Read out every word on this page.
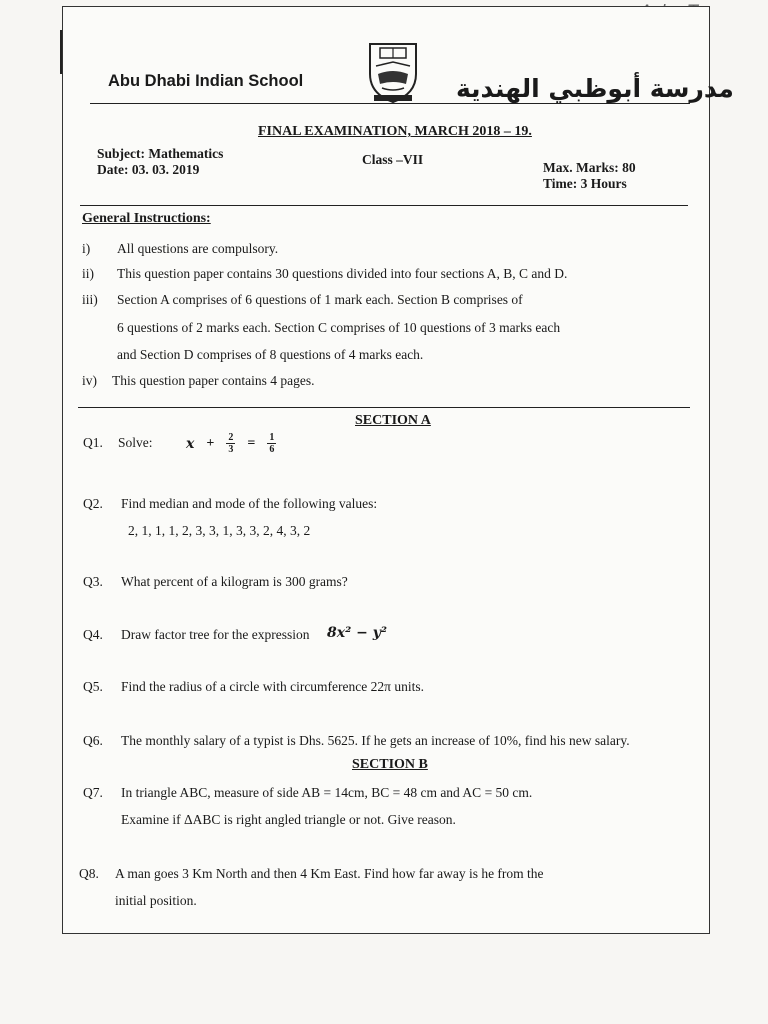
Abu Dhabi Indian School	مدرسة أبوظبي الهندية
FINAL EXAMINATION, MARCH 2018 – 19.
Subject: Mathematics
Date: 03. 03. 2019
Class –VII
Max. Marks: 80
Time: 3 Hours
General Instructions:
i) All questions are compulsory.
ii) This question paper contains 30 questions divided into four sections A, B, C and D.
iii) Section A comprises of 6 questions of 1 mark each. Section B comprises of
6 questions of 2 marks each. Section C comprises of 10 questions of 3 marks each
and Section D comprises of 8 questions of 4 marks each.
iv) This question paper contains 4 pages.
SECTION A
Q1. Solve: $x + \frac{2}{3} = \frac{1}{6}$
Q2. Find median and mode of the following values:
2, 1, 1, 1, 2, 3, 3, 1, 3, 3, 2, 4, 3, 2
Q3. What percent of a kilogram is 300 grams?
Q4. Draw factor tree for the expression 8x² − y²
Q5. Find the radius of a circle with circumference 22π units.
Q6. The monthly salary of a typist is Dhs. 5625. If he gets an increase of 10%, find his new salary.
SECTION B
Q7. In triangle ABC, measure of side AB = 14cm, BC = 48 cm and AC = 50 cm.
Examine if ΔABC is right angled triangle or not. Give reason.
Q8. A man goes 3 Km North and then 4 Km East. Find how far away is he from the
initial position.
